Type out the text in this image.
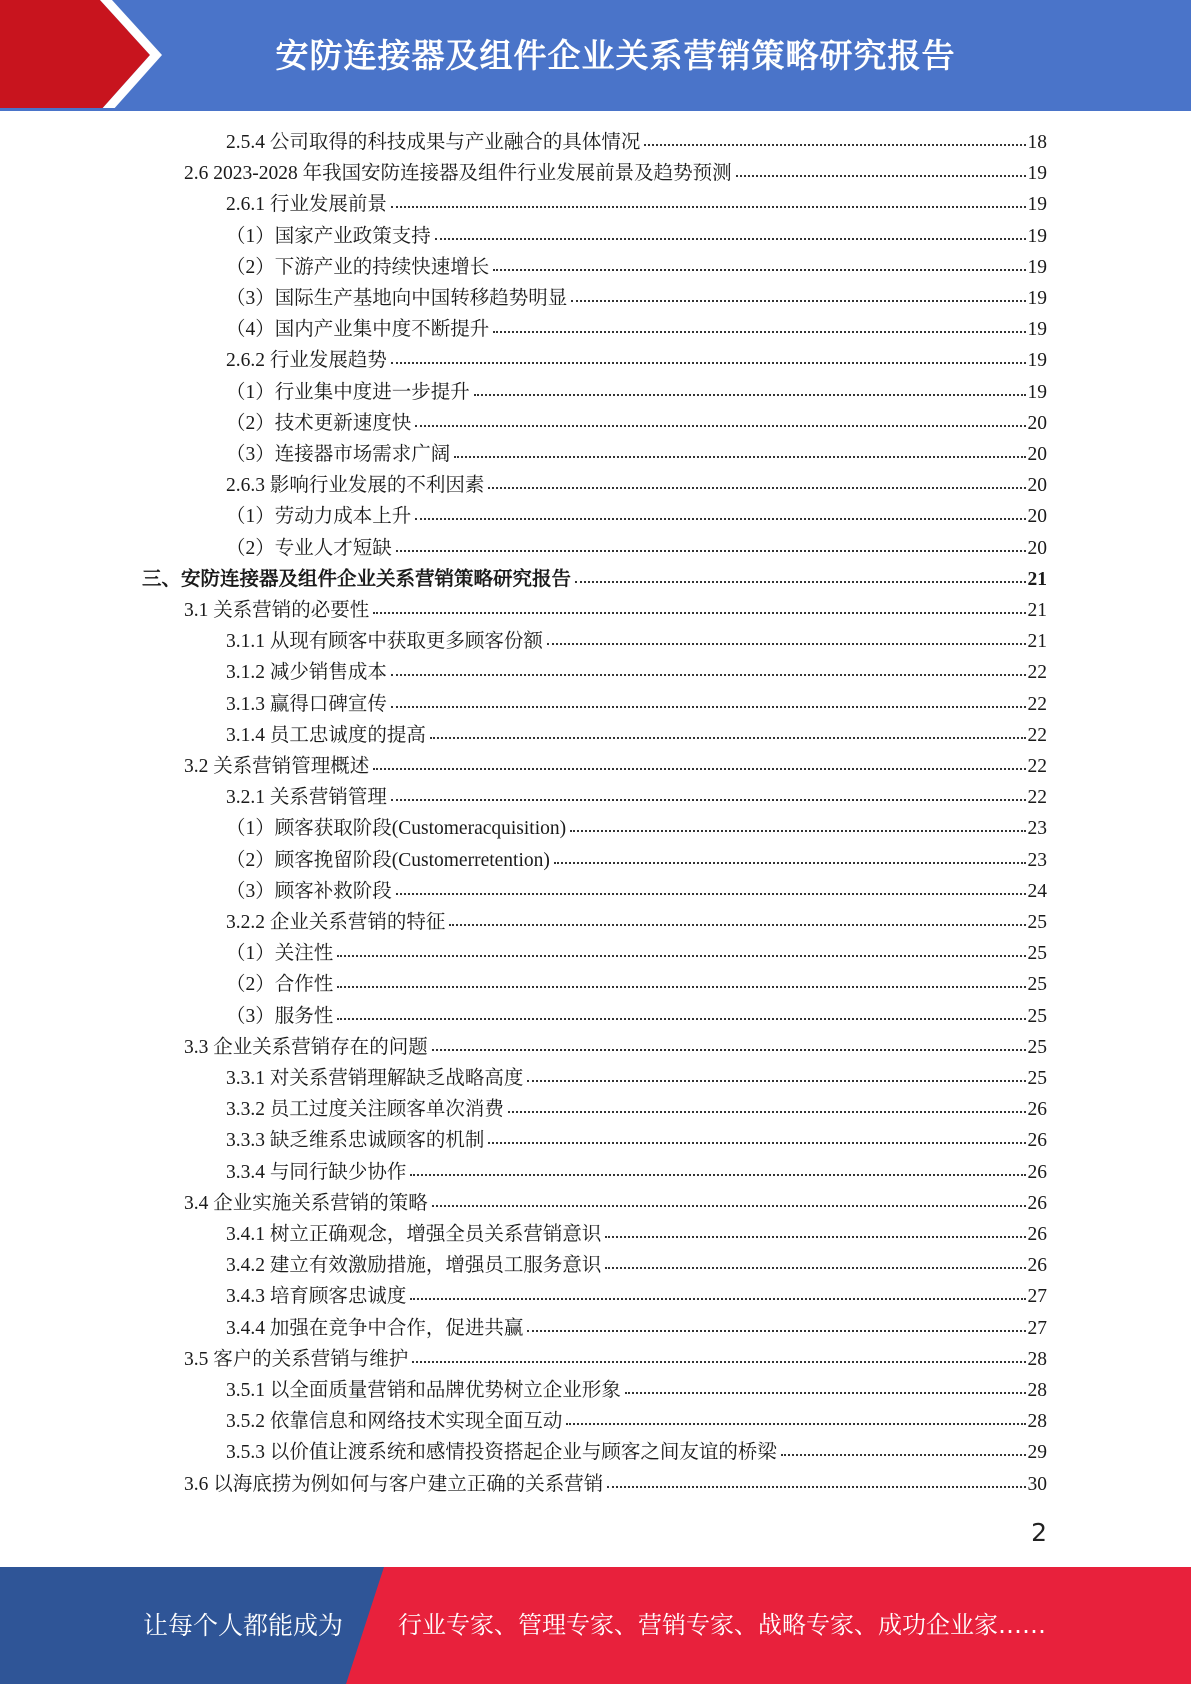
安防连接器及组件企业关系营销策略研究报告
2.5.4 公司取得的科技成果与产业融合的具体情况	18
2.6 2023-2028 年我国安防连接器及组件行业发展前景及趋势预测	19
2.6.1 行业发展前景	19
（1）国家产业政策支持	19
（2）下游产业的持续快速增长	19
（3）国际生产基地向中国转移趋势明显	19
（4）国内产业集中度不断提升	19
2.6.2 行业发展趋势	19
（1）行业集中度进一步提升	19
（2）技术更新速度快	20
（3）连接器市场需求广阔	20
2.6.3 影响行业发展的不利因素	20
（1）劳动力成本上升	20
（2）专业人才短缺	20
三、安防连接器及组件企业关系营销策略研究报告	21
3.1 关系营销的必要性	21
3.1.1 从现有顾客中获取更多顾客份额	21
3.1.2 减少销售成本	22
3.1.3 赢得口碑宣传	22
3.1.4 员工忠诚度的提高	22
3.2 关系营销管理概述	22
3.2.1 关系营销管理	22
（1）顾客获取阶段(Customeracquisition)	23
（2）顾客挽留阶段(Customerretention)	23
（3）顾客补救阶段	24
3.2.2 企业关系营销的特征	25
（1）关注性	25
（2）合作性	25
（3）服务性	25
3.3 企业关系营销存在的问题	25
3.3.1 对关系营销理解缺乏战略高度	25
3.3.2 员工过度关注顾客单次消费	26
3.3.3 缺乏维系忠诚顾客的机制	26
3.3.4 与同行缺少协作	26
3.4 企业实施关系营销的策略	26
3.4.1 树立正确观念，增强全员关系营销意识	26
3.4.2 建立有效激励措施，增强员工服务意识	26
3.4.3 培育顾客忠诚度	27
3.4.4 加强在竞争中合作，促进共赢	27
3.5 客户的关系营销与维护	28
3.5.1 以全面质量营销和品牌优势树立企业形象	28
3.5.2 依靠信息和网络技术实现全面互动	28
3.5.3 以价值让渡系统和感情投资搭起企业与顾客之间友谊的桥梁	29
3.6 以海底捞为例如何与客户建立正确的关系营销	30
2
让每个人都能成为 行业专家、管理专家、营销专家、战略专家、成功企业家……
